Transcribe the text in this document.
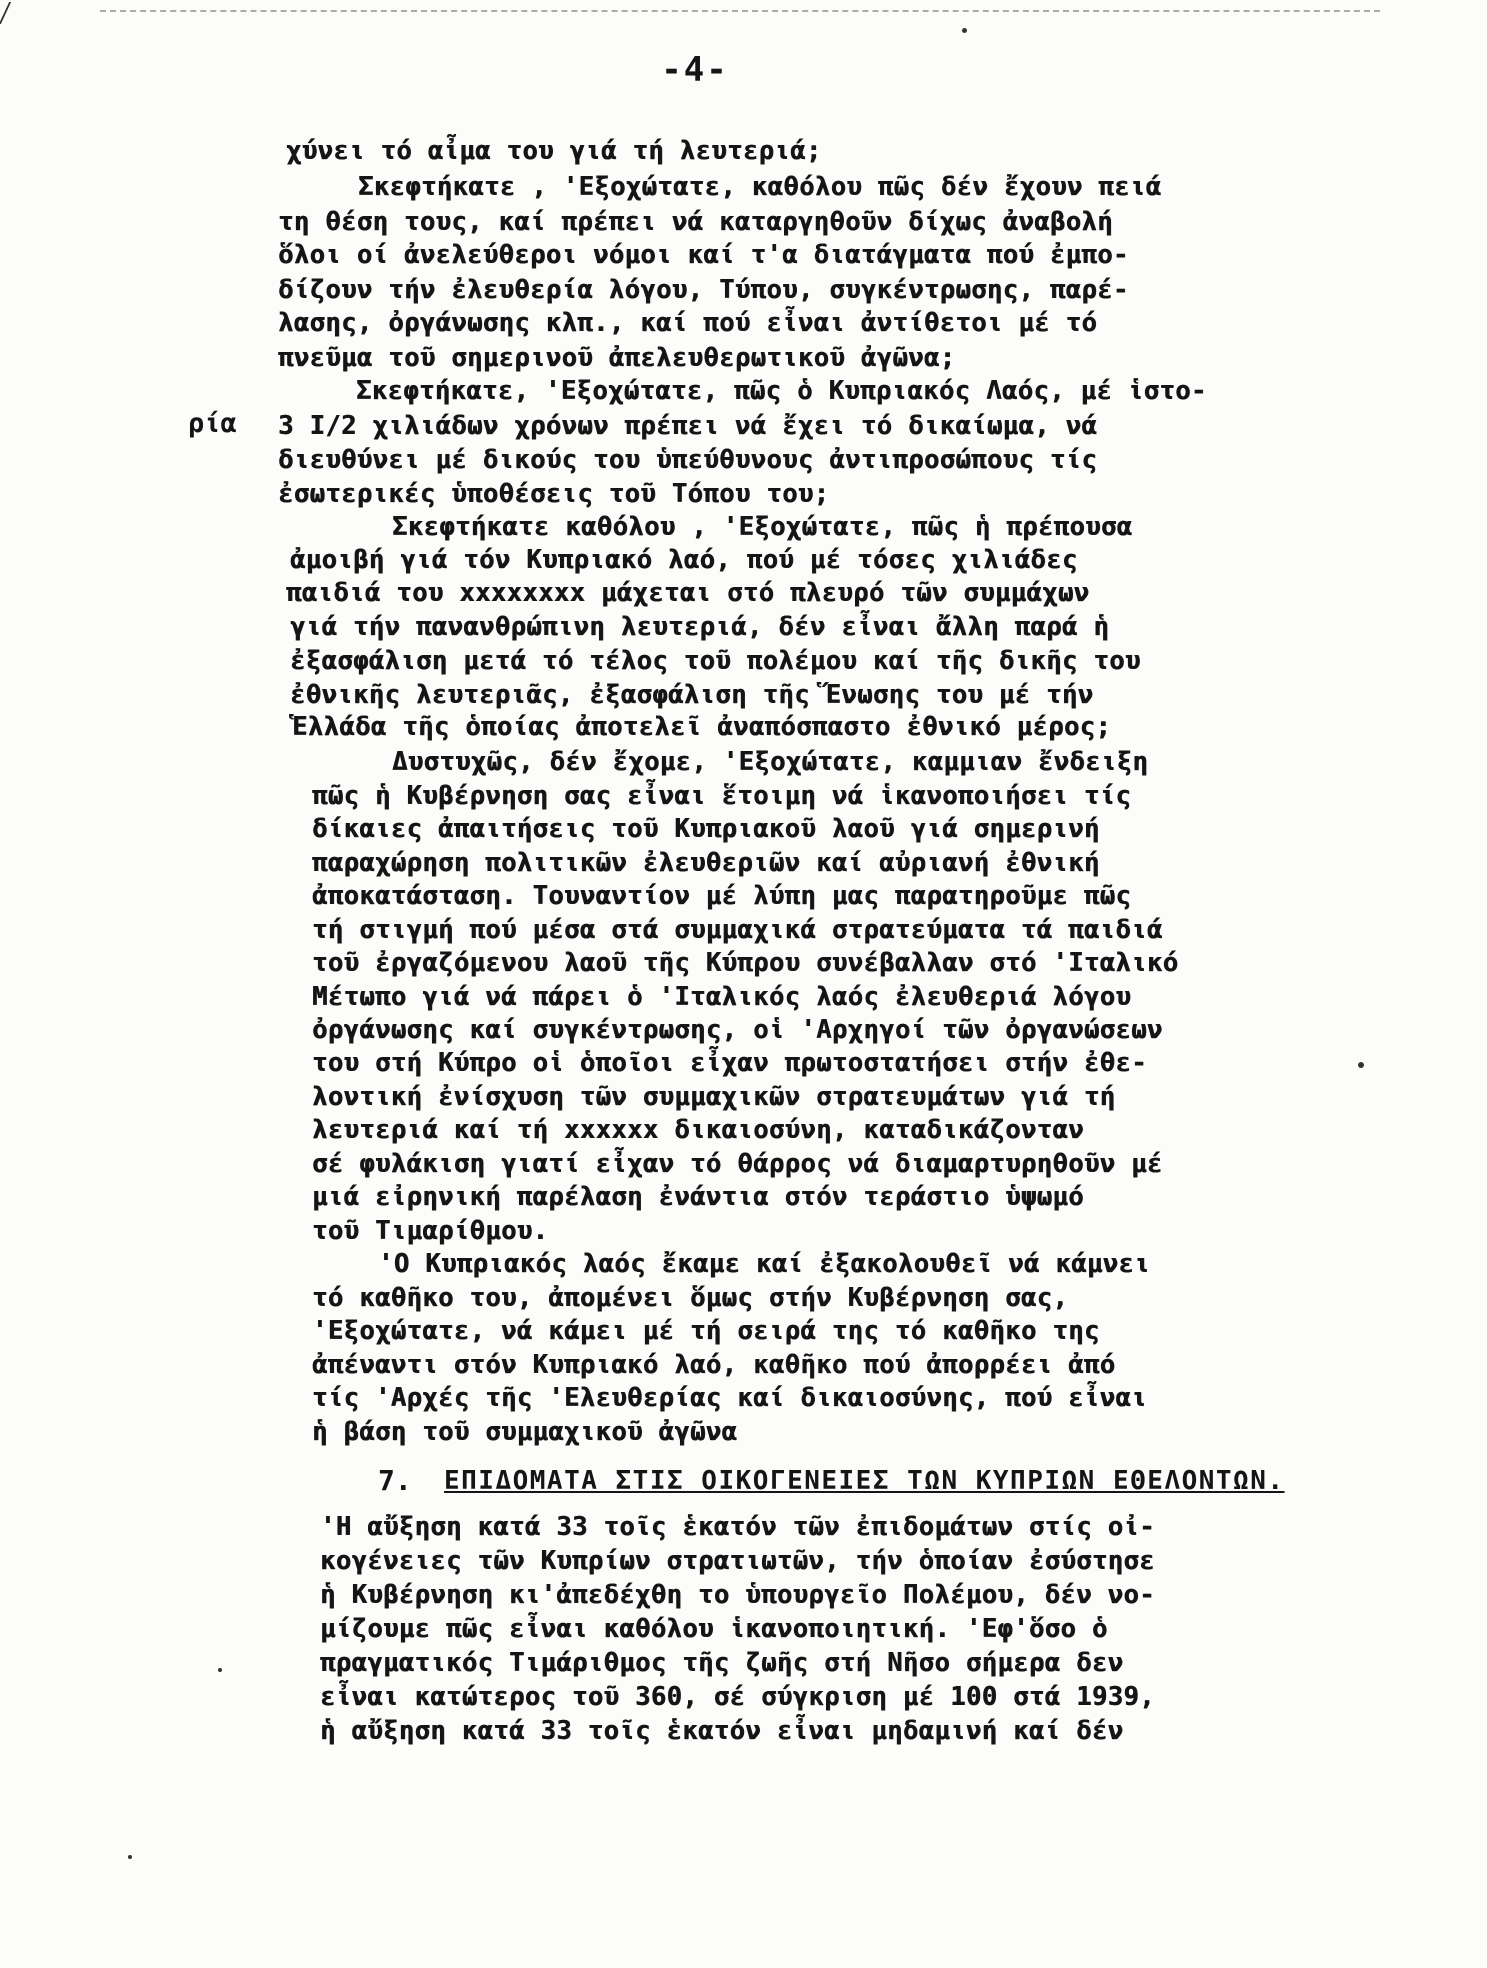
-4-
ρία
χύνει τό αἶμα του γιά τή λευτεριά;
Σκεφτήκατε , 'Εξοχώτατε, καθόλου πῶς δέν ἔχουν πειά
τη θέση τους, καί πρέπει νά καταργηθοῦν δίχως ἀναβολή
ὅλοι οί ἀνελεύθεροι νόμοι καί τ'α διατάγματα πού ἐμπο-
δίζουν τήν ἐλευθερία λόγου, Τύπου, συγκέντρωσης, παρέ-
λασης, ὀργάνωσης κλπ., καί πού εἶναι ἀντίθετοι μέ τό
πνεῦμα τοῦ σημερινοῦ ἀπελευθερωτικοῦ ἀγῶνα;
Σκεφτήκατε, 'Εξοχώτατε, πῶς ὁ Κυπριακός Λαός, μέ ἱστο-
3 I/2 χιλιάδων χρόνων πρέπει νά ἔχει τό δικαίωμα, νά
διευθύνει μέ δικούς του ὑπεύθυνους ἀντιπροσώπους τίς
ἐσωτερικές ὑποθέσεις τοῦ Τόπου του;
Σκεφτήκατε καθόλου , 'Εξοχώτατε, πῶς ἡ πρέπουσα
ἀμοιβή γιά τόν Κυπριακό λαό, πού μέ τόσες χιλιάδες
παιδιά του xxxxxxxx μάχεται στό πλευρό τῶν συμμάχων
γιά τήν πανανθρώπινη λευτεριά, δέν εἶναι ἄλλη παρά ἡ
ἐξασφάλιση μετά τό τέλος τοῦ πολέμου καί τῆς δικῆς του
ἐθνικῆς λευτεριᾶς, ἐξασφάλιση τῆς Ἕνωσης του μέ τήν
Ἑλλάδα τῆς ὁποίας ἀποτελεῖ ἀναπόσπαστο ἐθνικό μέρος;
Δυστυχῶς, δέν ἔχομε, 'Εξοχώτατε, καμμιαν ἔνδειξη
πῶς ἡ Κυβέρνηση σας εἶναι ἕτοιμη νά ἱκανοποιήσει τίς
δίκαιες ἀπαιτήσεις τοῦ Κυπριακοῦ λαοῦ γιά σημερινή
παραχώρηση πολιτικῶν ἐλευθεριῶν καί αὐριανή ἐθνική
ἀποκατάσταση. Τουναντίον μέ λύπη μας παρατηροῦμε πῶς
τή στιγμή πού μέσα στά συμμαχικά στρατεύματα τά παιδιά
τοῦ ἐργαζόμενου λαοῦ τῆς Κύπρου συνέβαλλαν στό 'Ιταλικό
Μέτωπο γιά νά πάρει ὁ 'Ιταλικός λαός ἐλευθεριά λόγου
ὀργάνωσης καί συγκέντρωσης, οἱ 'Αρχηγοί τῶν ὀργανώσεων
του στή Κύπρο οἱ ὁποῖοι εἶχαν πρωτοστατήσει στήν ἐθε-
λοντική ἐνίσχυση τῶν συμμαχικῶν στρατευμάτων γιά τή
λευτεριά καί τή xxxxxx δικαιοσύνη, καταδικάζονταν
σέ φυλάκιση γιατί εἶχαν τό θάρρος νά διαμαρτυρηθοῦν μέ
μιά εἰρηνική παρέλαση ἐνάντια στόν τεράστιο ὑψωμό
τοῦ Τιμαρίθμου.
'Ο Κυπριακός λαός ἔκαμε καί ἐξακολουθεῖ νά κάμνει
τό καθῆκο του, ἀπομένει ὅμως στήν Κυβέρνηση σας,
'Εξοχώτατε, νά κάμει μέ τή σειρά της τό καθῆκο της
ἀπέναντι στόν Κυπριακό λαό, καθῆκο πού ἀπορρέει ἀπό
τίς 'Αρχές τῆς 'Ελευθερίας καί δικαιοσύνης, πού εἶναι
ἡ βάση τοῦ συμμαχικοῦ ἀγῶνα
7. ΕΠΙΔΟΜΑΤΑ ΣΤΙΣ ΟΙΚΟΓΕΝΕΙΕΣ ΤΩΝ ΚΥΠΡΙΩΝ ΕΘΕΛΟΝΤΩΝ.
'Η αὔξηση κατά 33 τοῖς ἑκατόν τῶν ἐπιδομάτων στίς οἰ-
κογένειες τῶν Κυπρίων στρατιωτῶν, τήν ὁποίαν ἐσύστησε
ἡ Κυβέρνηση κι'ἀπεδέχθη το ὑπουργεῖο Πολέμου, δέν νο-
μίζουμε πῶς εἶναι καθόλου ἱκανοποιητική. 'Εφ'ὅσο ὁ
πραγματικός Τιμάριθμος τῆς ζωῆς στή Νῆσο σήμερα δεν
εἶναι κατώτερος τοῦ 360, σέ σύγκριση μέ 100 στά 1939,
ἡ αὔξηση κατά 33 τοῖς ἑκατόν εἶναι μηδαμινή καί δέν
